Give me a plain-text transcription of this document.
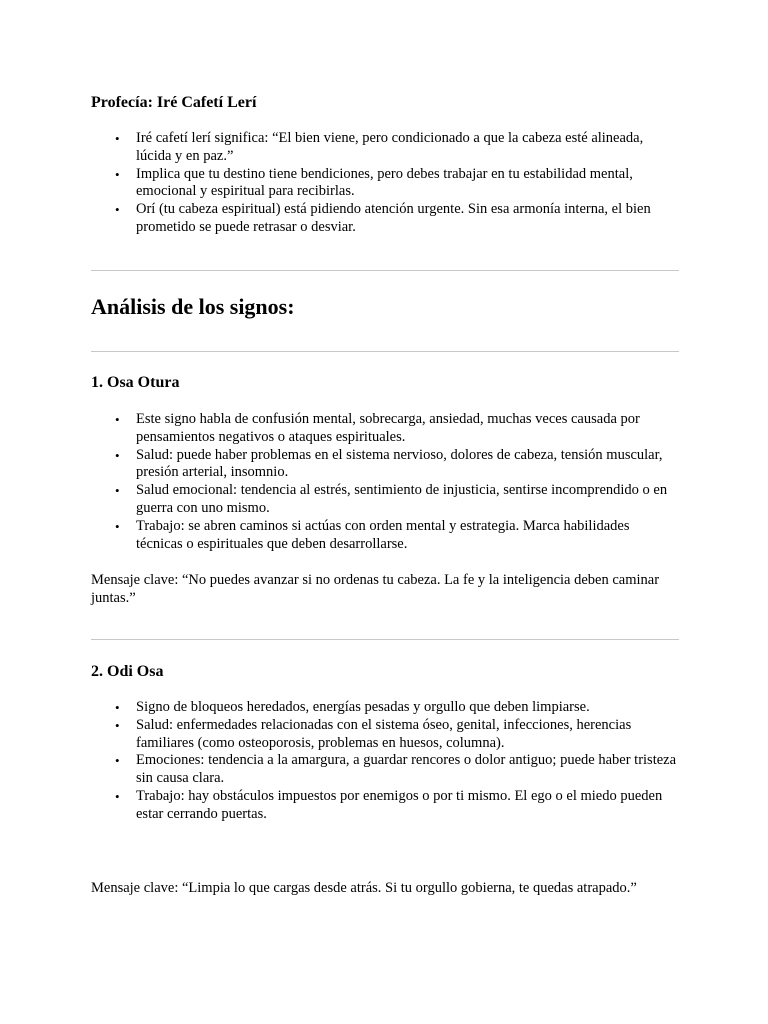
Profecía: Iré Cafetí Lerí
• Iré cafetí lerí significa: “El bien viene, pero condicionado a que la cabeza esté alineada, lúcida y en paz.”
• Implica que tu destino tiene bendiciones, pero debes trabajar en tu estabilidad mental, emocional y espiritual para recibirlas.
• Orí (tu cabeza espiritual) está pidiendo atención urgente. Sin esa armonía interna, el bien prometido se puede retrasar o desviar.
Análisis de los signos:
1. Osa Otura
• Este signo habla de confusión mental, sobrecarga, ansiedad, muchas veces causada por pensamientos negativos o ataques espirituales.
• Salud: puede haber problemas en el sistema nervioso, dolores de cabeza, tensión muscular, presión arterial, insomnio.
• Salud emocional: tendencia al estrés, sentimiento de injusticia, sentirse incomprendido o en guerra con uno mismo.
• Trabajo: se abren caminos si actúas con orden mental y estrategia. Marca habilidades técnicas o espirituales que deben desarrollarse.

Mensaje clave: “No puedes avanzar si no ordenas tu cabeza. La fe y la inteligencia deben caminar juntas.”

2. Odi Osa
• Signo de bloqueos heredados, energías pesadas y orgullo que deben limpiarse.
• Salud: enfermedades relacionadas con el sistema óseo, genital, infecciones, herencias familiares (como osteoporosis, problemas en huesos, columna).
• Emociones: tendencia a la amargura, a guardar rencores o dolor antiguo; puede haber tristeza sin causa clara.
• Trabajo: hay obstáculos impuestos por enemigos o por ti mismo. El ego o el miedo pueden estar cerrando puertas.

Mensaje clave: “Limpia lo que cargas desde atrás. Si tu orgullo gobierna, te quedas atrapado.”
